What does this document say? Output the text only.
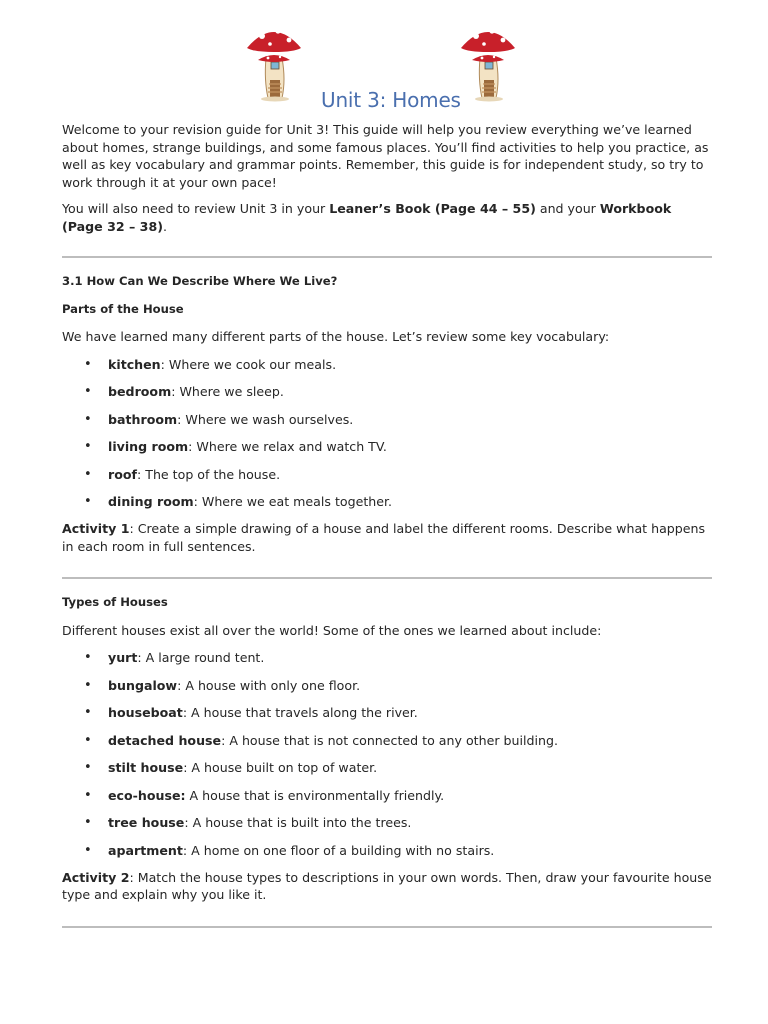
Unit 3: Homes

Welcome to your revision guide for Unit 3! This guide will help you review everything we’ve learned about homes, strange buildings, and some famous places. You’ll find activities to help you practice, as well as key vocabulary and grammar points. Remember, this guide is for independent study, so try to work through it at your own pace!

You will also need to review Unit 3 in your Leaner’s Book (Page 44 – 55) and your Workbook (Page 32 – 38).

3.1 How Can We Describe Where We Live?

Parts of the House

We have learned many different parts of the house. Let’s review some key vocabulary:

• kitchen: Where we cook our meals.
• bedroom: Where we sleep.
• bathroom: Where we wash ourselves.
• living room: Where we relax and watch TV.
• roof: The top of the house.
• dining room: Where we eat meals together.

Activity 1: Create a simple drawing of a house and label the different rooms. Describe what happens in each room in full sentences.

Types of Houses

Different houses exist all over the world! Some of the ones we learned about include:

• yurt: A large round tent.
• bungalow: A house with only one floor.
• houseboat: A house that travels along the river.
• detached house: A house that is not connected to any other building.
• stilt house: A house built on top of water.
• eco-house: A house that is environmentally friendly.
• tree house: A house that is built into the trees.
• apartment: A home on one floor of a building with no stairs.

Activity 2: Match the house types to descriptions in your own words. Then, draw your favourite house type and explain why you like it.
